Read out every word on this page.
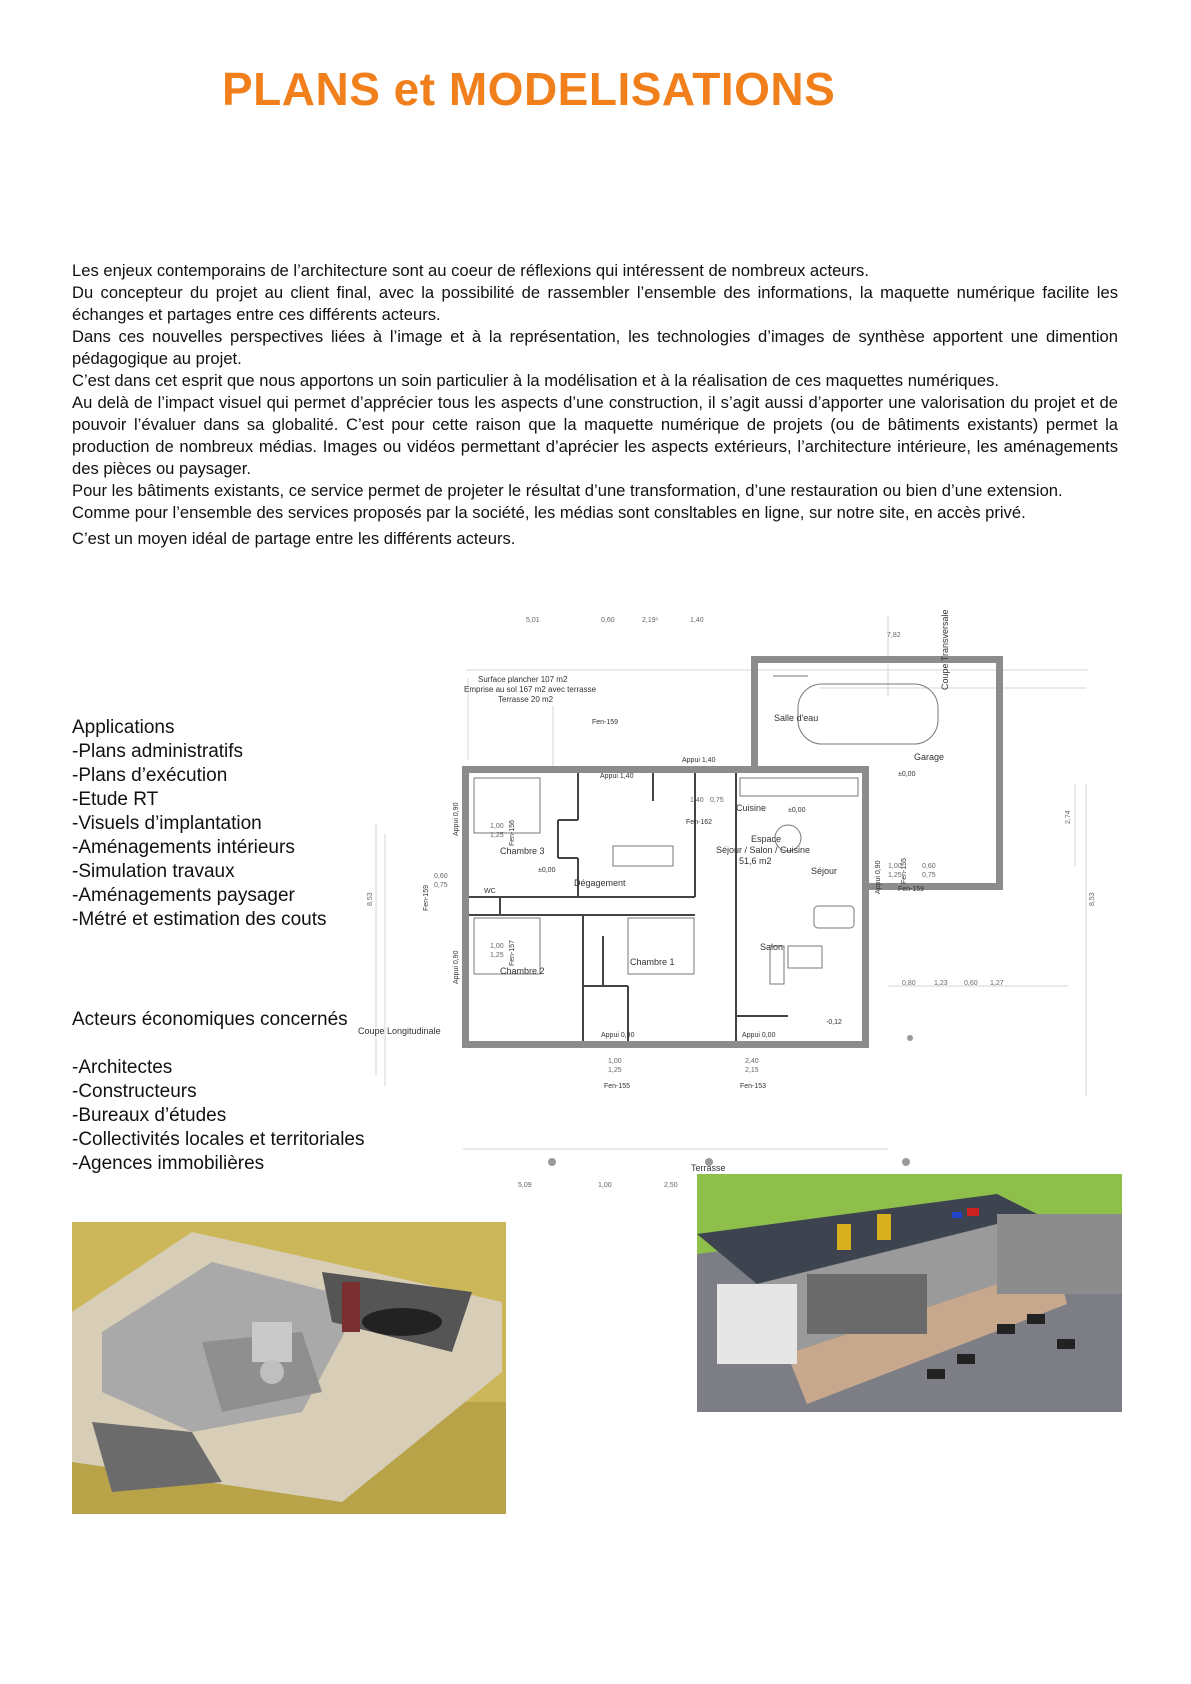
PLANS et MODELISATIONS

Les enjeux contemporains de l’architecture sont au coeur de réflexions qui intéressent de nombreux acteurs.

Du concepteur du projet au client final, avec la possibilité de rassembler l’ensemble des informations, la maquette numérique facilite les échanges et partages entre ces différents acteurs.

Dans ces nouvelles perspectives liées à l’image et à la représentation, les technologies d’images de synthèse apportent une dimention pédagogique au projet.

C’est dans cet esprit que nous apportons un soin particulier à la modélisation et à la réalisation de ces maquettes numériques.

Au delà de l’impact visuel qui permet d’apprécier tous les aspects d’une construction, il s’agit aussi d’apporter une valorisation du projet et de pouvoir l’évaluer dans sa globalité. C’est pour cette raison que la maquette numérique de projets (ou de bâtiments existants) permet la production de nombreux médias. Images ou vidéos permettant d’aprécier les aspects extérieurs, l’architecture intérieure, les aménagements des pièces ou paysager.

Pour les bâtiments existants, ce service permet de projeter le résultat d’une transformation, d’une restauration ou bien d’une extension.

Comme pour l’ensemble des services proposés par la société, les médias sont consltables en ligne, sur notre site, en accès privé.

C’est un moyen idéal de partage entre les différents acteurs.

Applications
-Plans administratifs
-Plans d’exécution
-Etude RT
-Visuels d’implantation
-Aménagements intérieurs
-Simulation travaux
-Aménagements paysager
-Métré et estimation des couts
Acteurs économiques concernés
-Architectes
-Constructeurs
-Bureaux d’études
-Collectivités locales et territoriales
-Agences immobilières
Surface plancher 107 m2
Emprise au sol 167 m2 avec terrasse
Terrasse 20 m2
Chambre 3
Chambre 2
Chambre 1
Dégagement
WC
Cuisine
Espace
Séjour / Salon / Cuisine
51,6 m2
Séjour
Salon
Salle d'eau
Garage
Terrasse
Coupe Longitudinale
Coupe Transversale
Appui 1,40
Appui 1,40
Fen-159
Appui 0,90
Appui 0,90
Appui 0,90
Appui 0,90	Appui 0,00
Fen-159	Fen-159
Fen-155	Fen-153
Fen-155
Fen-156
Fen-157
Fen-162
±0,00
±0,00
±0,00
-0,12
5,01	0,60	2,19⁵	1,40
7,82
8,53	8,53
2,74
0,80	1,23 0,60 1,27
5,09	1,00	2,50
1,00
1,25
2,40
2,15
1,00
1,25
1,00
1,25
1,40 0,75
1,00
1,25
0,60
0,75
0,60
0,75
